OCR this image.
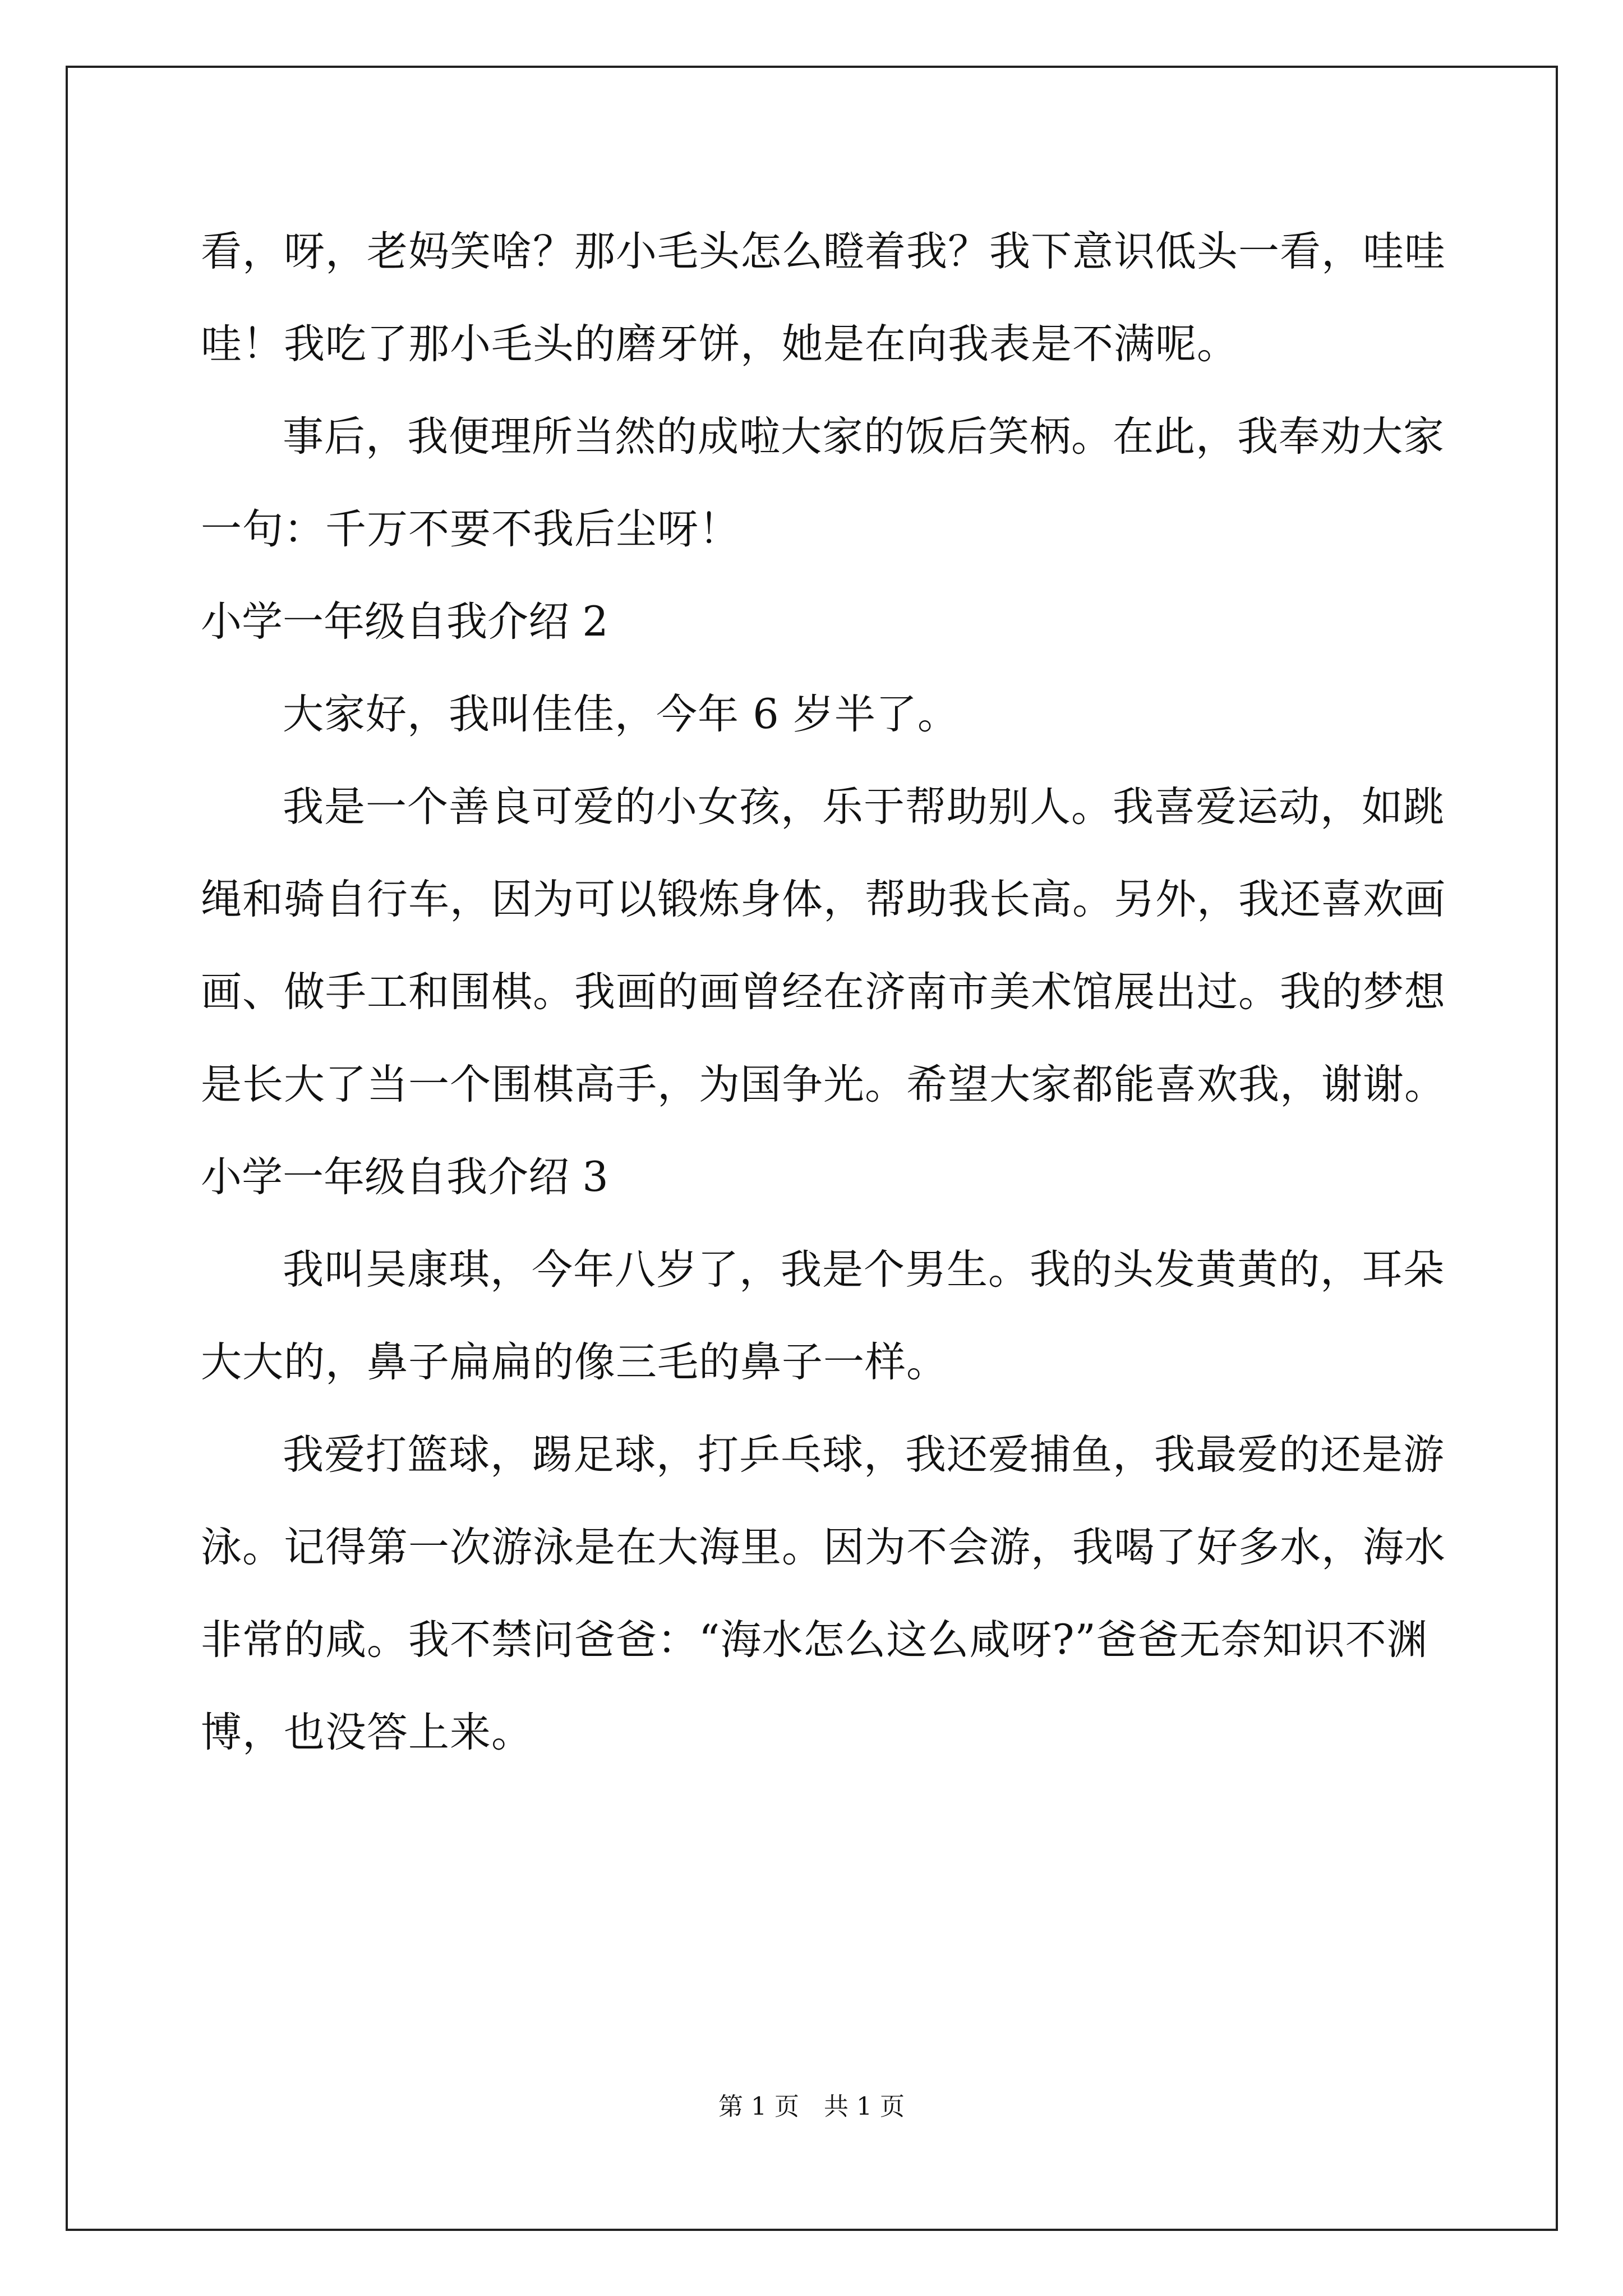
看，呀，老妈笑啥？那小毛头怎么瞪着我？我下意识低头一看，哇哇
哇！我吃了那小毛头的磨牙饼，她是在向我表是不满呢。
事后，我便理所当然的成啦大家的饭后笑柄。在此，我奉劝大家
一句：千万不要不我后尘呀！
小学一年级自我介绍 2
大家好，我叫佳佳，今年 6 岁半了。
我是一个善良可爱的小女孩，乐于帮助别人。我喜爱运动，如跳
绳和骑自行车，因为可以锻炼身体，帮助我长高。另外，我还喜欢画
画、做手工和围棋。我画的画曾经在济南市美术馆展出过。我的梦想
是长大了当一个围棋高手，为国争光。希望大家都能喜欢我，谢谢。
小学一年级自我介绍 3
我叫吴康琪，今年八岁了，我是个男生。我的头发黄黄的，耳朵
大大的，鼻子扁扁的像三毛的鼻子一样。
我爱打篮球，踢足球，打乒乓球，我还爱捕鱼，我最爱的还是游
泳。记得第一次游泳是在大海里。因为不会游，我喝了好多水，海水
非常的咸。我不禁问爸爸：“海水怎么这么咸呀?”爸爸无奈知识不渊
博，也没答上来。
第 1 页　共 1 页
